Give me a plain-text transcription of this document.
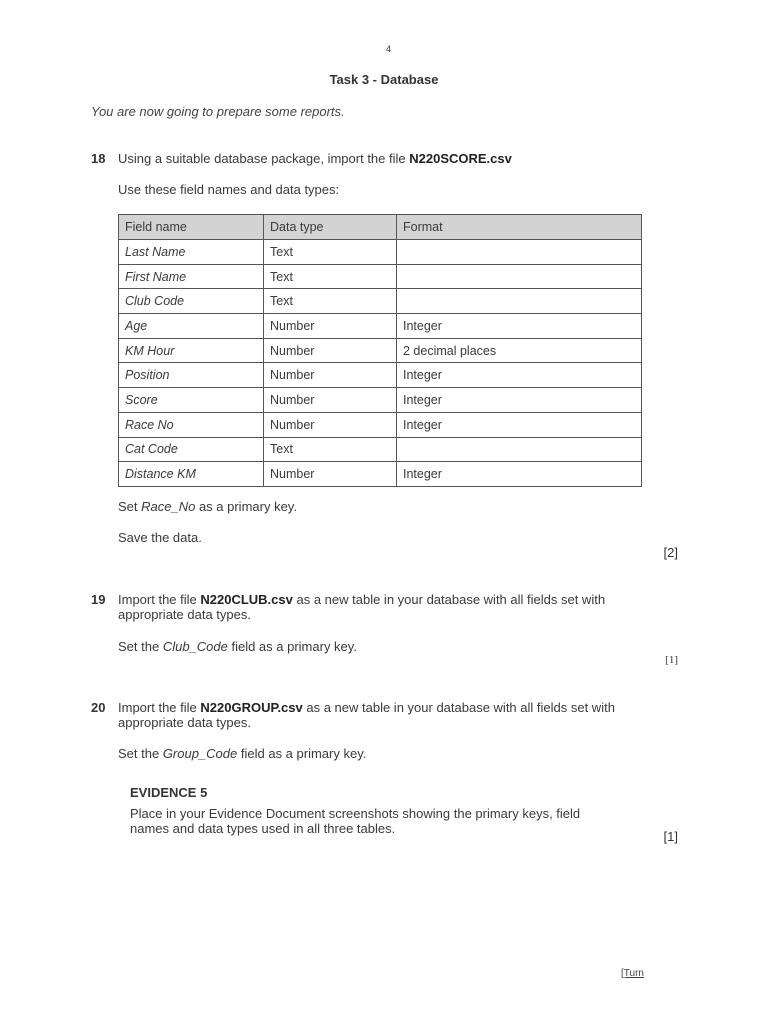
4
Task 3 - Database
You are now going to prepare some reports.
18 Using a suitable database package, import the file N220SCORE.csv
Use these field names and data types:
Field name	Data type	Format
Last Name	Text	
First Name	Text	
Club Code	Text	
Age	Number	Integer
KM Hour	Number	2 decimal places
Position	Number	Integer
Score	Number	Integer
Race No	Number	Integer
Cat Code	Text	
Distance KM	Number	Integer
Set Race_No as a primary key.
Save the data.
[2]
19 Import the file N220CLUB.csv as a new table in your database with all fields set with appropriate data types.
Set the Club_Code field as a primary key.
[1]
20 Import the file N220GROUP.csv as a new table in your database with all fields set with appropriate data types.
Set the Group_Code field as a primary key.
EVIDENCE 5
Place in your Evidence Document screenshots showing the primary keys, field names and data types used in all three tables.
[1]
[Turn
